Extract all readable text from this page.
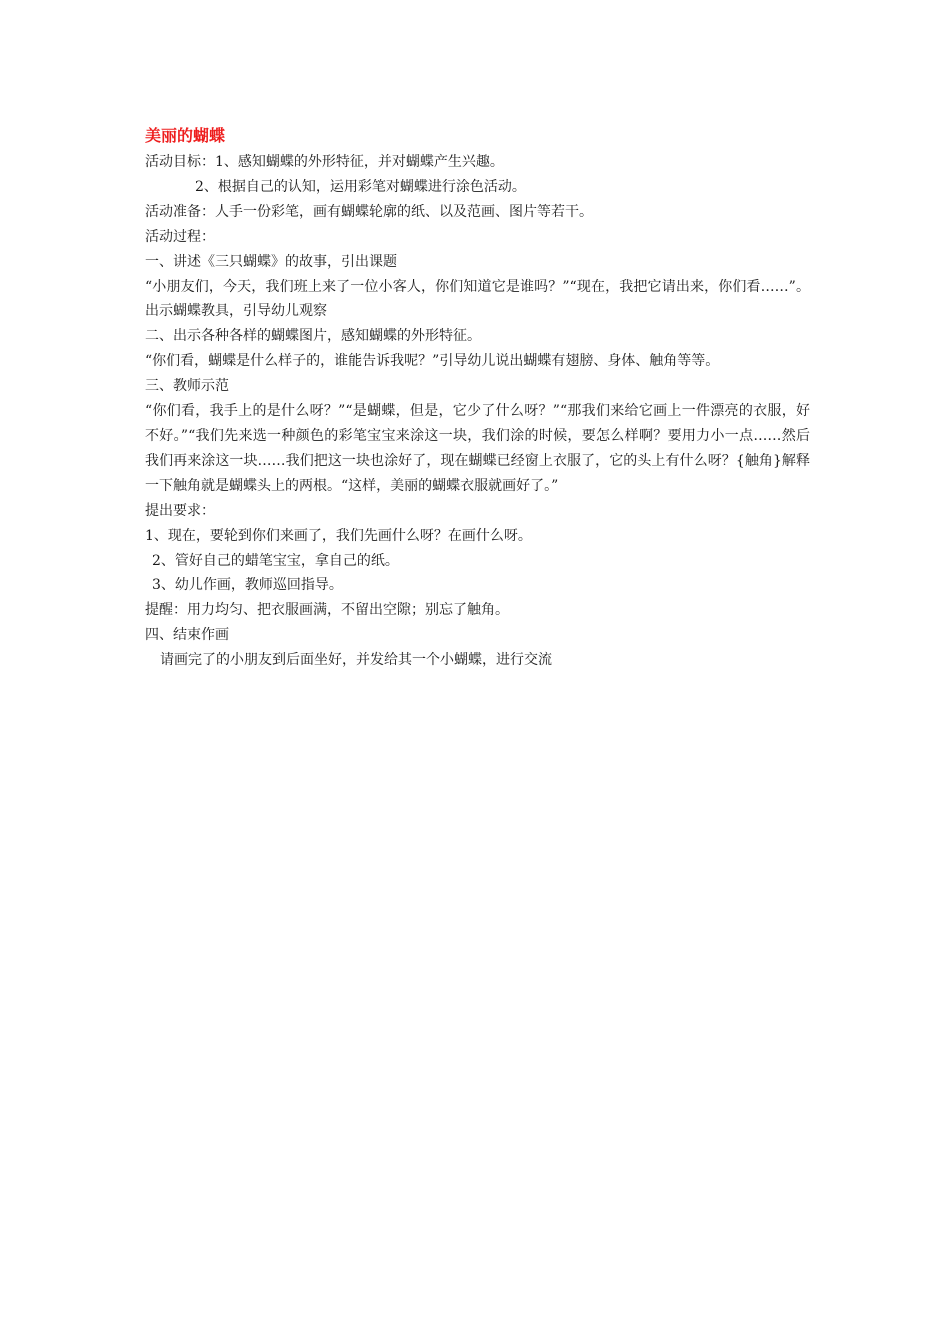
美丽的蝴蝶

活动目标：1、感知蝴蝶的外形特征，并对蝴蝶产生兴趣。

2、根据自己的认知，运用彩笔对蝴蝶进行涂色活动。

活动准备：人手一份彩笔，画有蝴蝶轮廓的纸、以及范画、图片等若干。

活动过程：

一、讲述《三只蝴蝶》的故事，引出课题

“小朋友们，今天，我们班上来了一位小客人，你们知道它是谁吗？”“现在，我把它请出来，你们看……”。出示蝴蝶教具，引导幼儿观察

二、出示各种各样的蝴蝶图片，感知蝴蝶的外形特征。

“你们看，蝴蝶是什么样子的，谁能告诉我呢？”引导幼儿说出蝴蝶有翅膀、身体、触角等等。

三、教师示范

“你们看，我手上的是什么呀？”“是蝴蝶，但是，它少了什么呀？”“那我们来给它画上一件漂亮的衣服，好不好。”“我们先来选一种颜色的彩笔宝宝来涂这一块，我们涂的时候，要怎么样啊？要用力小一点……然后我们再来涂这一块……我们把这一块也涂好了，现在蝴蝶已经窗上衣服了，它的头上有什么呀？{触角}解释一下触角就是蝴蝶头上的两根。“这样，美丽的蝴蝶衣服就画好了。”

提出要求：

1、现在，要轮到你们来画了，我们先画什么呀？在画什么呀。

2、管好自己的蜡笔宝宝，拿自己的纸。

3、幼儿作画，教师巡回指导。

提醒：用力均匀、把衣服画满，不留出空隙；别忘了触角。

四、结束作画

请画完了的小朋友到后面坐好，并发给其一个小蝴蝶，进行交流
